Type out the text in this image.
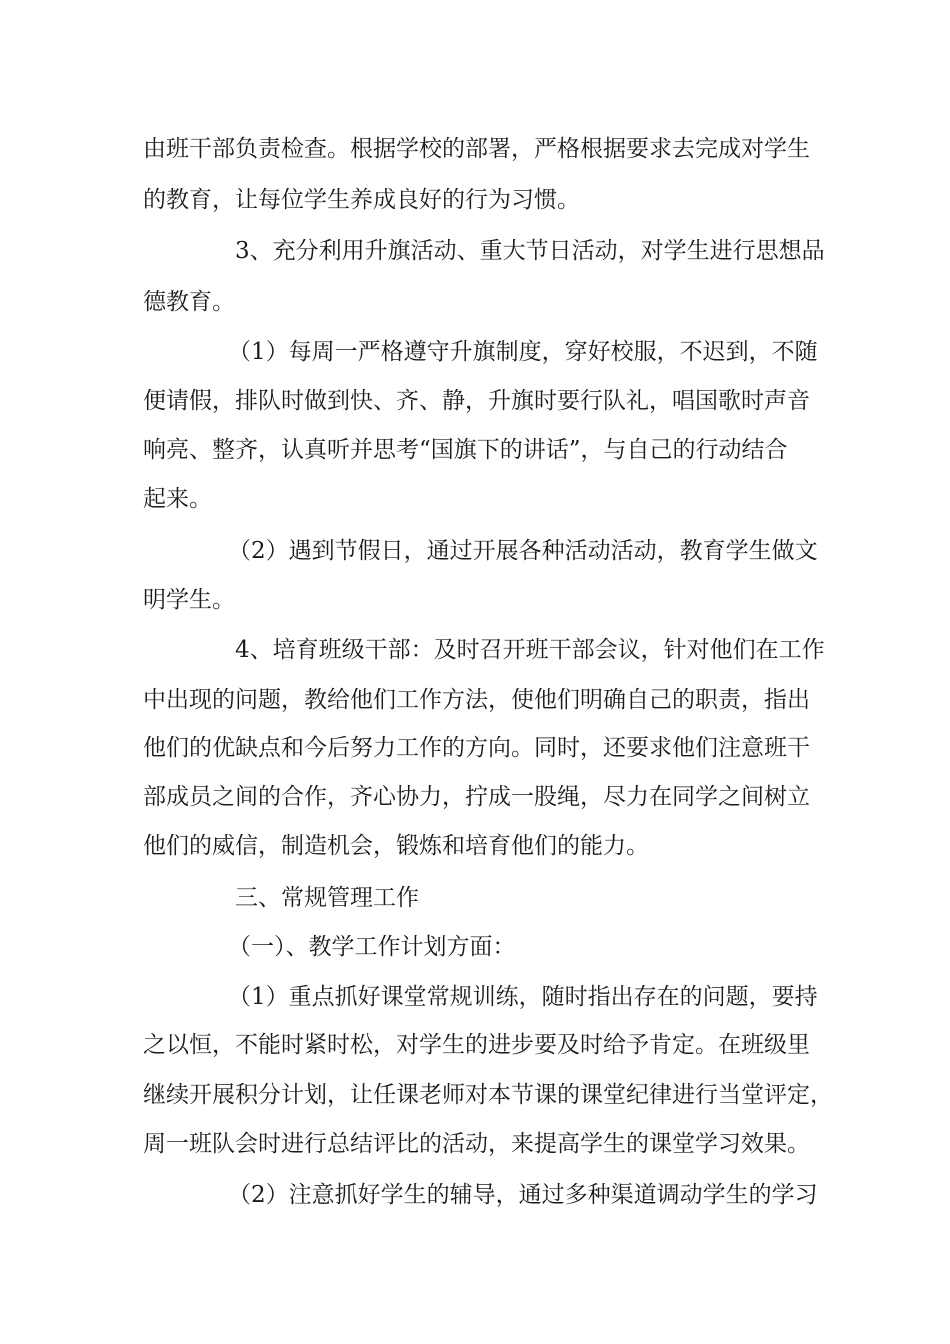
由班干部负责检查。根据学校的部署，严格根据要求去完成对学生
的教育，让每位学生养成良好的行为习惯。
3、充分利用升旗活动、重大节日活动，对学生进行思想品
德教育。
（1）每周一严格遵守升旗制度，穿好校服，不迟到，不随
便请假，排队时做到快、齐、静，升旗时要行队礼，唱国歌时声音
响亮、整齐，认真听并思考“国旗下的讲话”，与自己的行动结合
起来。
（2）遇到节假日，通过开展各种活动活动，教育学生做文
明学生。
4、培育班级干部：及时召开班干部会议，针对他们在工作
中出现的问题，教给他们工作方法，使他们明确自己的职责，指出
他们的优缺点和今后努力工作的方向。同时，还要求他们注意班干
部成员之间的合作，齐心协力，拧成一股绳，尽力在同学之间树立
他们的威信，制造机会，锻炼和培育他们的能力。
三、常规管理工作
（一）、教学工作计划方面：
（1）重点抓好课堂常规训练，随时指出存在的问题，要持
之以恒，不能时紧时松，对学生的进步要及时给予肯定。在班级里
继续开展积分计划，让任课老师对本节课的课堂纪律进行当堂评定，
周一班队会时进行总结评比的活动，来提高学生的课堂学习效果。
（2）注意抓好学生的辅导，通过多种渠道调动学生的学习
